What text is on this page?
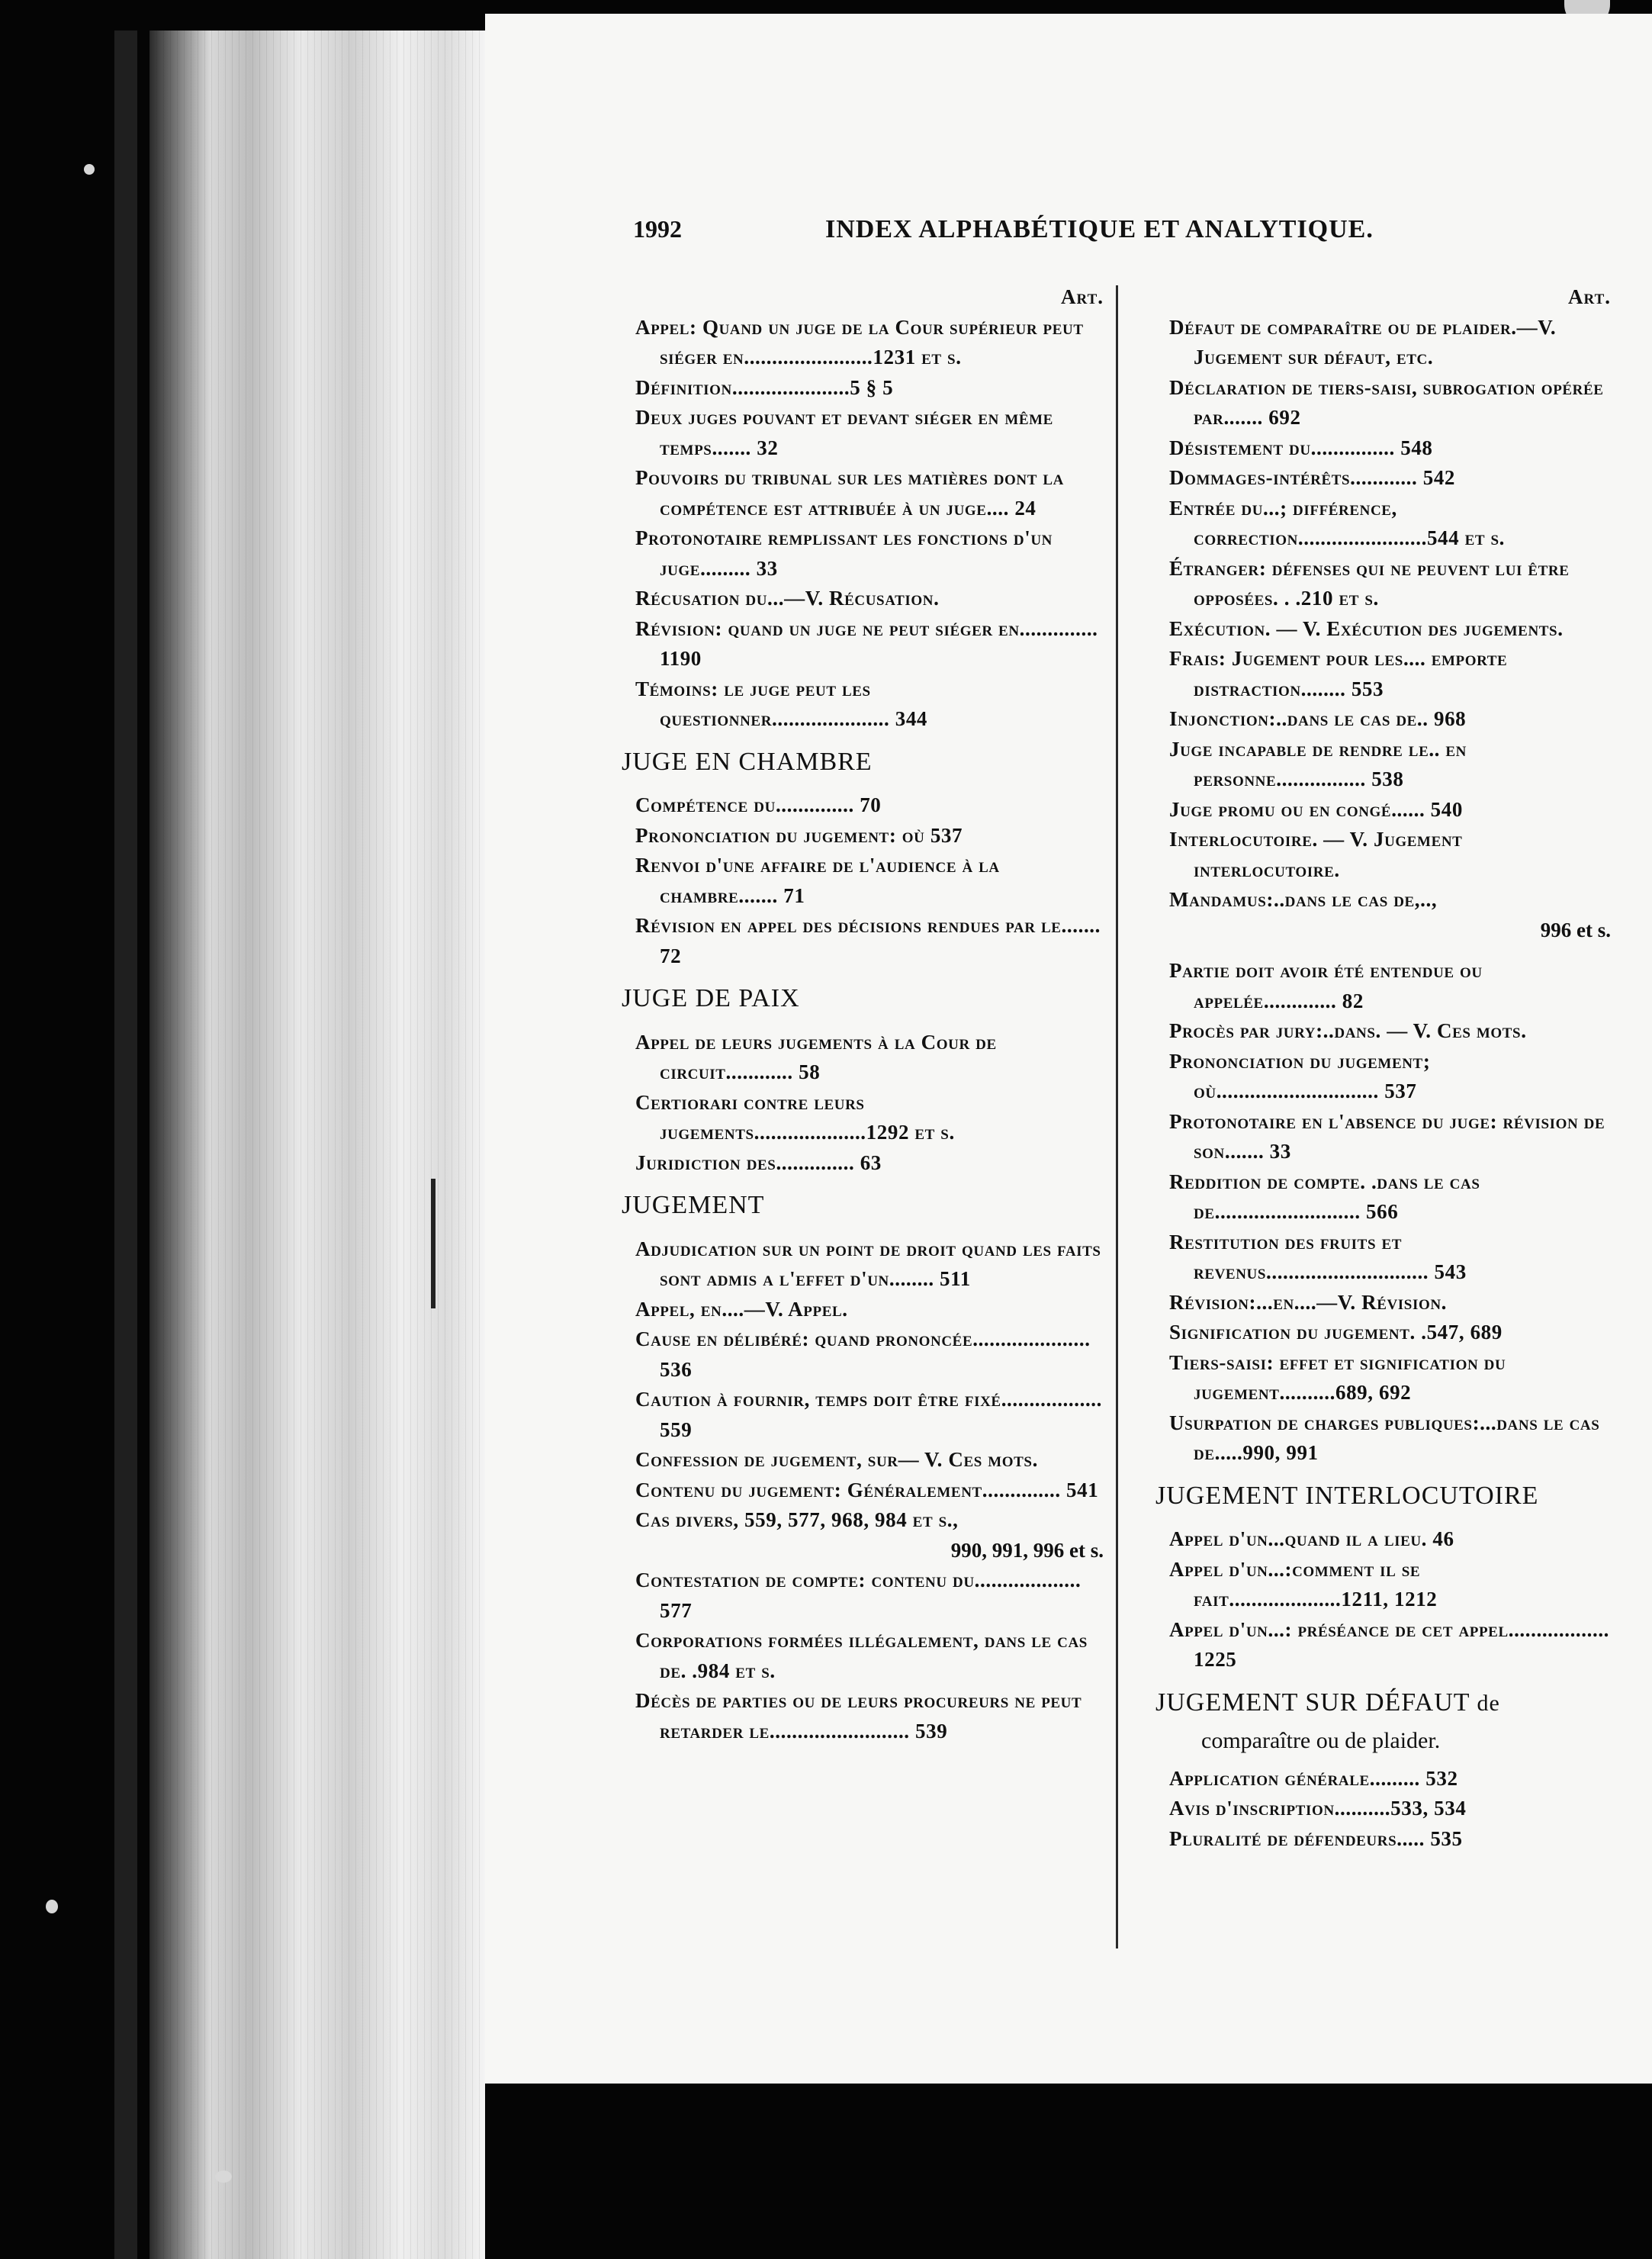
1992	INDEX ALPHABÉTIQUE ET ANALYTIQUE.
Art.
Appel: Quand un juge de la Cour supérieur peut siéger en.......................1231 et s.
Définition.....................5 § 5
Deux juges pouvant et devant siéger en même temps....... 32
Pouvoirs du tribunal sur les matières dont la compétence est attribuée à un juge.... 24
Protonotaire remplissant les fonctions d'un juge......... 33
Récusation du...—V. Récusation.
Révision: quand un juge ne peut siéger en.............. 1190
Témoins: le juge peut les questionner..................... 344
JUGE EN CHAMBRE
Compétence du.............. 70
Prononciation du jugement: où 537
Renvoi d'une affaire de l'audience à la chambre....... 71
Révision en appel des décisions rendues par le....... 72
JUGE DE PAIX
Appel de leurs jugements à la Cour de circuit............ 58
Certiorari contre leurs jugements....................1292 et s.
Juridiction des.............. 63
JUGEMENT
Adjudication sur un point de droit quand les faits sont admis a l'effet d'un........ 511
Appel, en....—V. Appel.
Cause en délibéré: quand prononcée..................... 536
Caution à fournir, temps doit être fixé.................. 559
Confession de jugement, sur— V. Ces mots.
Contenu du jugement: Généralement.............. 541
Cas divers, 559, 577, 968, 984 et s.,
990, 991, 996 et s.
Contestation de compte: contenu du................... 577
Corporations formées illégalement, dans le cas de. .984 et s.
Décès de parties ou de leurs procureurs ne peut retarder le......................... 539
Art.
Défaut de comparaître ou de plaider.—V. Jugement sur défaut, etc.
Déclaration de tiers-saisi, subrogation opérée par....... 692
Désistement du............... 548
Dommages-intérêts............ 542
Entrée du...; différence, correction.......................544 et s.
Étranger: défenses qui ne peuvent lui être opposées. . .210 et s.
Exécution. — V. Exécution des jugements.
Frais: Jugement pour les.... emporte distraction........ 553
Injonction:..dans le cas de.. 968
Juge incapable de rendre le.. en personne................ 538
Juge promu ou en congé...... 540
Interlocutoire. — V. Jugement interlocutoire.
Mandamus:..dans le cas de,..,
996 et s.
Partie doit avoir été entendue ou appelée............. 82
Procès par jury:..dans. — V. Ces mots.
Prononciation du jugement; où............................. 537
Protonotaire en l'absence du juge: révision de son....... 33
Reddition de compte. .dans le cas de.......................... 566
Restitution des fruits et revenus............................. 543
Révision:...en....—V. Révision.
Signification du jugement. .547, 689
Tiers-saisi: effet et signification du jugement..........689, 692
Usurpation de charges publiques:...dans le cas de.....990, 991
JUGEMENT INTERLOCUTOIRE
Appel d'un...quand il a lieu. 46
Appel d'un...:comment il se fait....................1211, 1212
Appel d'un...: préséance de cet appel.................. 1225
JUGEMENT SUR DÉFAUT de
comparaître ou de plaider.
Application générale......... 532
Avis d'inscription..........533, 534
Pluralité de défendeurs..... 535
